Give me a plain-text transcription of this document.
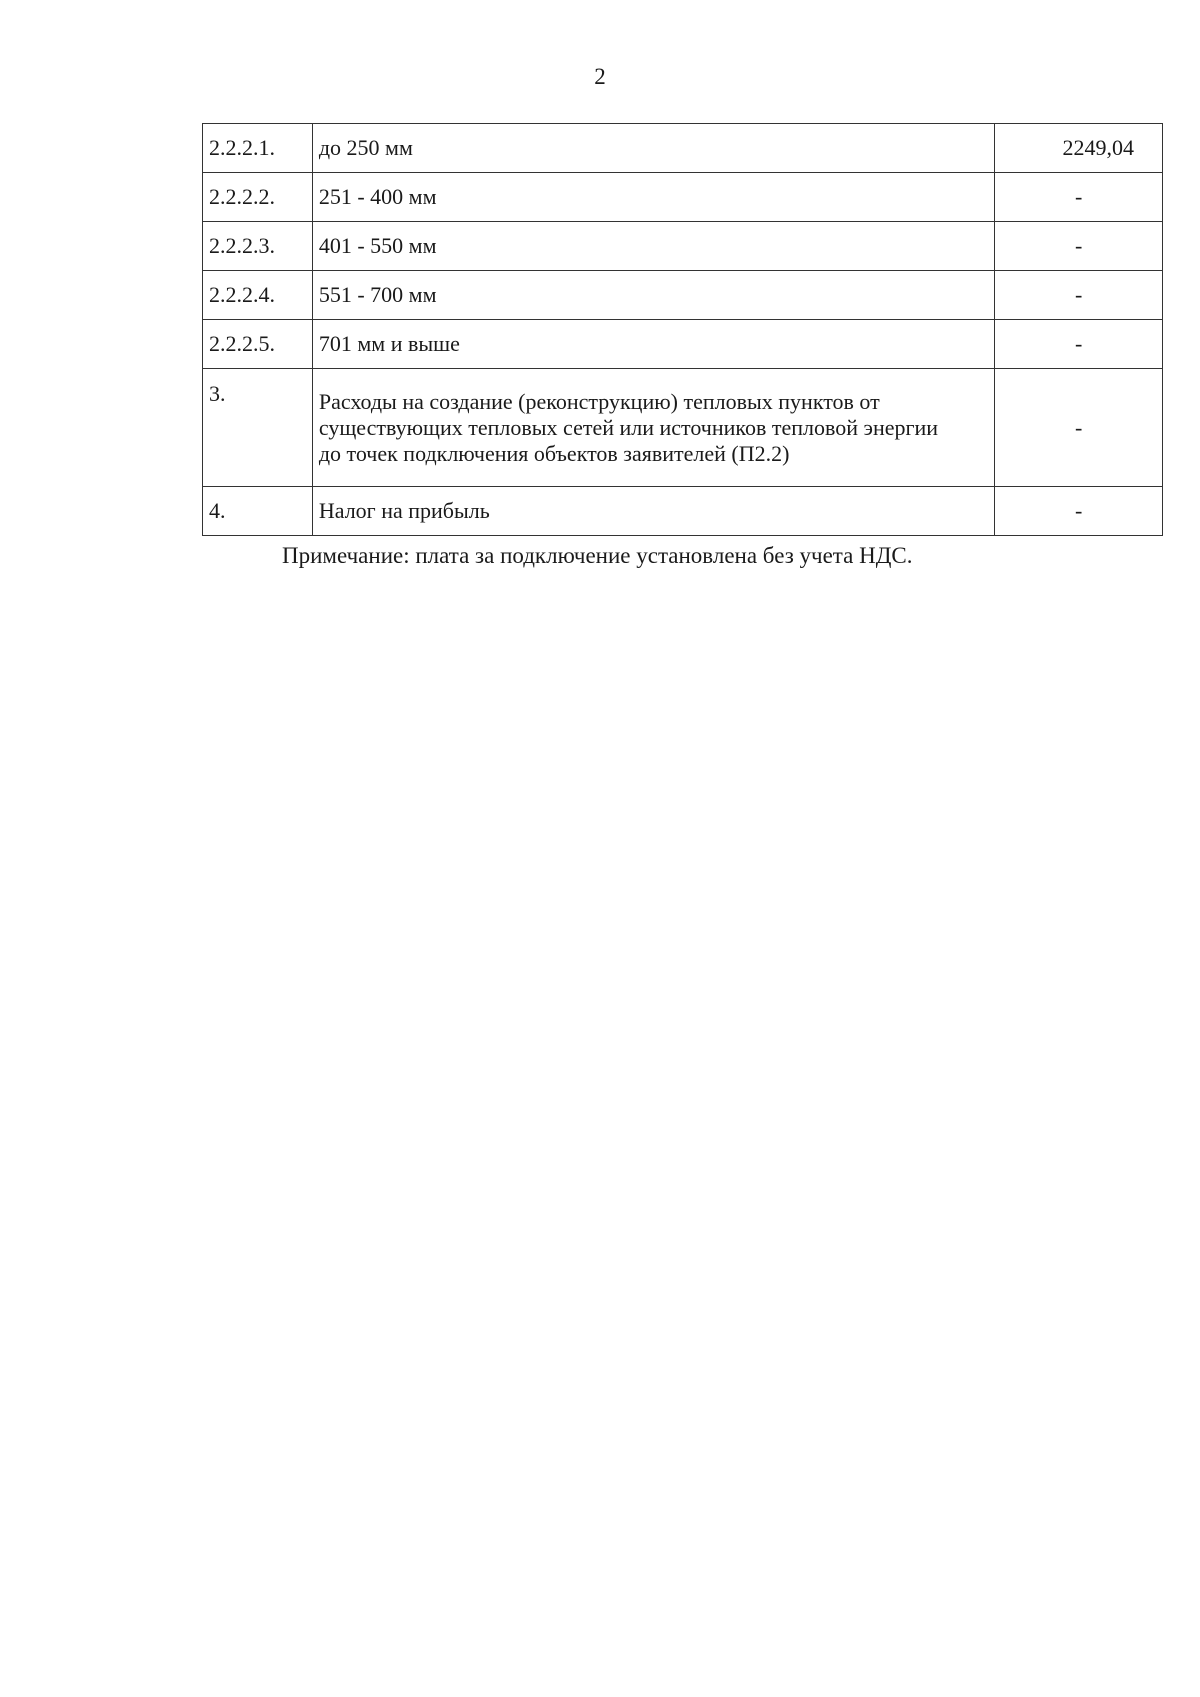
2
2.2.2.1.	до 250 мм	2249,04
2.2.2.2.	251 - 400 мм	-
2.2.2.3.	401 - 550 мм	-
2.2.2.4.	551 - 700 мм	-
2.2.2.5.	701 мм и выше	-
3.	Расходы на создание (реконструкцию) тепловых пунктов от
существующих тепловых сетей или источников тепловой энергии
до точек подключения объектов заявителей (П2.2)	-
4.	Налог на прибыль	-
Примечание: плата за подключение установлена без учета НДС.
